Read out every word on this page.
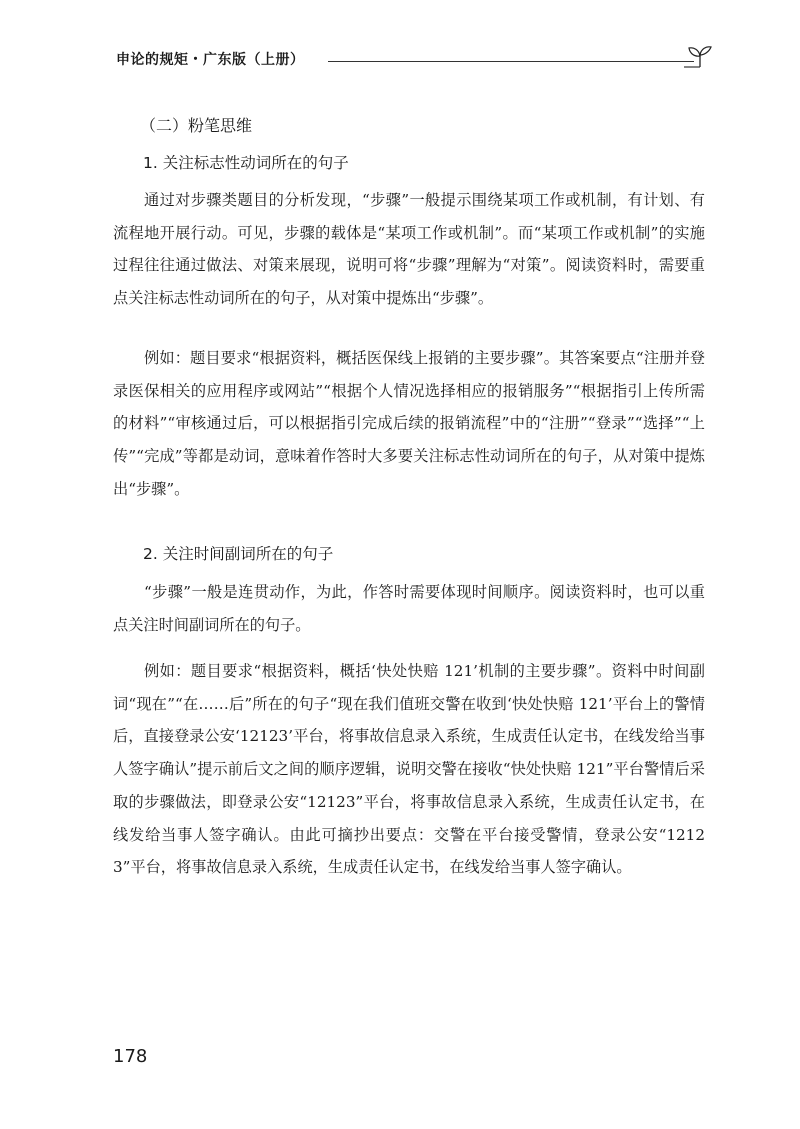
申论的规矩・广东版（上册）
（二）粉笔思维
1. 关注标志性动词所在的句子

通过对步骤类题目的分析发现，“步骤”一般提示围绕某项工作或机制，有计划、有流程地开展行动。可见，步骤的载体是“某项工作或机制”。而“某项工作或机制”的实施过程往往通过做法、对策来展现，说明可将“步骤”理解为“对策”。阅读资料时，需要重点关注标志性动词所在的句子，从对策中提炼出“步骤”。

例如：题目要求“根据资料，概括医保线上报销的主要步骤”。其答案要点“注册并登录医保相关的应用程序或网站”“根据个人情况选择相应的报销服务”“根据指引上传所需的材料”“审核通过后，可以根据指引完成后续的报销流程”中的“注册”“登录”“选择”“上传”“完成”等都是动词，意味着作答时大多要关注标志性动词所在的句子，从对策中提炼出“步骤”。

2. 关注时间副词所在的句子

“步骤”一般是连贯动作，为此，作答时需要体现时间顺序。阅读资料时，也可以重点关注时间副词所在的句子。

例如：题目要求“根据资料，概括‘快处快赔 121’机制的主要步骤”。资料中时间副词“现在”“在……后”所在的句子“现在我们值班交警在收到‘快处快赔 121’平台上的警情后，直接登录公安‘12123’平台，将事故信息录入系统，生成责任认定书，在线发给当事人签字确认”提示前后文之间的顺序逻辑，说明交警在接收“快处快赔 121”平台警情后采取的步骤做法，即登录公安“12123”平台，将事故信息录入系统，生成责任认定书，在线发给当事人签字确认。由此可摘抄出要点：交警在平台接受警情，登录公安“12123”平台，将事故信息录入系统，生成责任认定书，在线发给当事人签字确认。

178
